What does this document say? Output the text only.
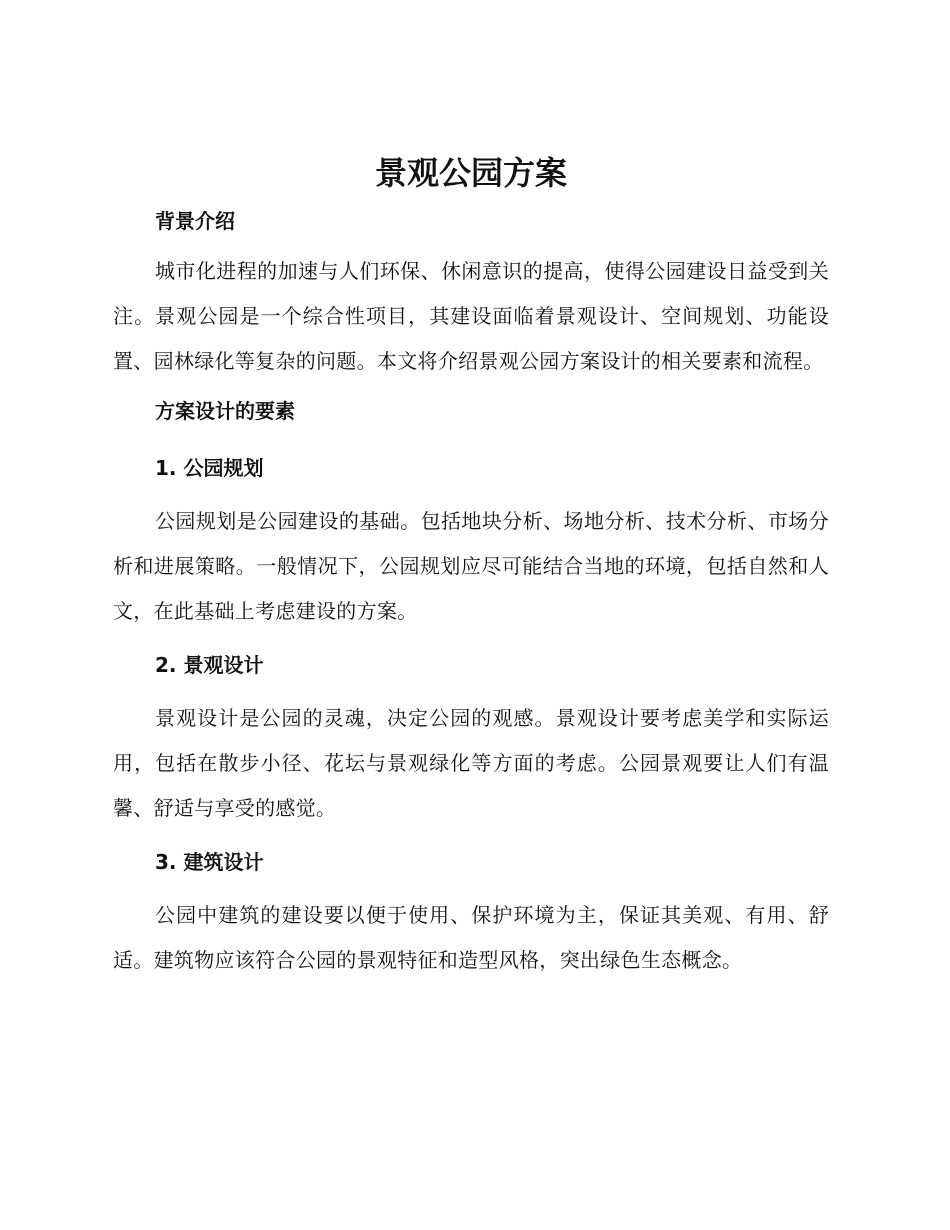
景观公园方案
背景介绍

城市化进程的加速与人们环保、休闲意识的提高，使得公园建设日益受到关注。景观公园是一个综合性项目，其建设面临着景观设计、空间规划、功能设置、园林绿化等复杂的问题。本文将介绍景观公园方案设计的相关要素和流程。

方案设计的要素
1. 公园规划

公园规划是公园建设的基础。包括地块分析、场地分析、技术分析、市场分析和进展策略。一般情况下，公园规划应尽可能结合当地的环境，包括自然和人文，在此基础上考虑建设的方案。

2. 景观设计

景观设计是公园的灵魂，决定公园的观感。景观设计要考虑美学和实际运用，包括在散步小径、花坛与景观绿化等方面的考虑。公园景观要让人们有温馨、舒适与享受的感觉。

3. 建筑设计

公园中建筑的建设要以便于使用、保护环境为主，保证其美观、有用、舒适。建筑物应该符合公园的景观特征和造型风格，突出绿色生态概念。
